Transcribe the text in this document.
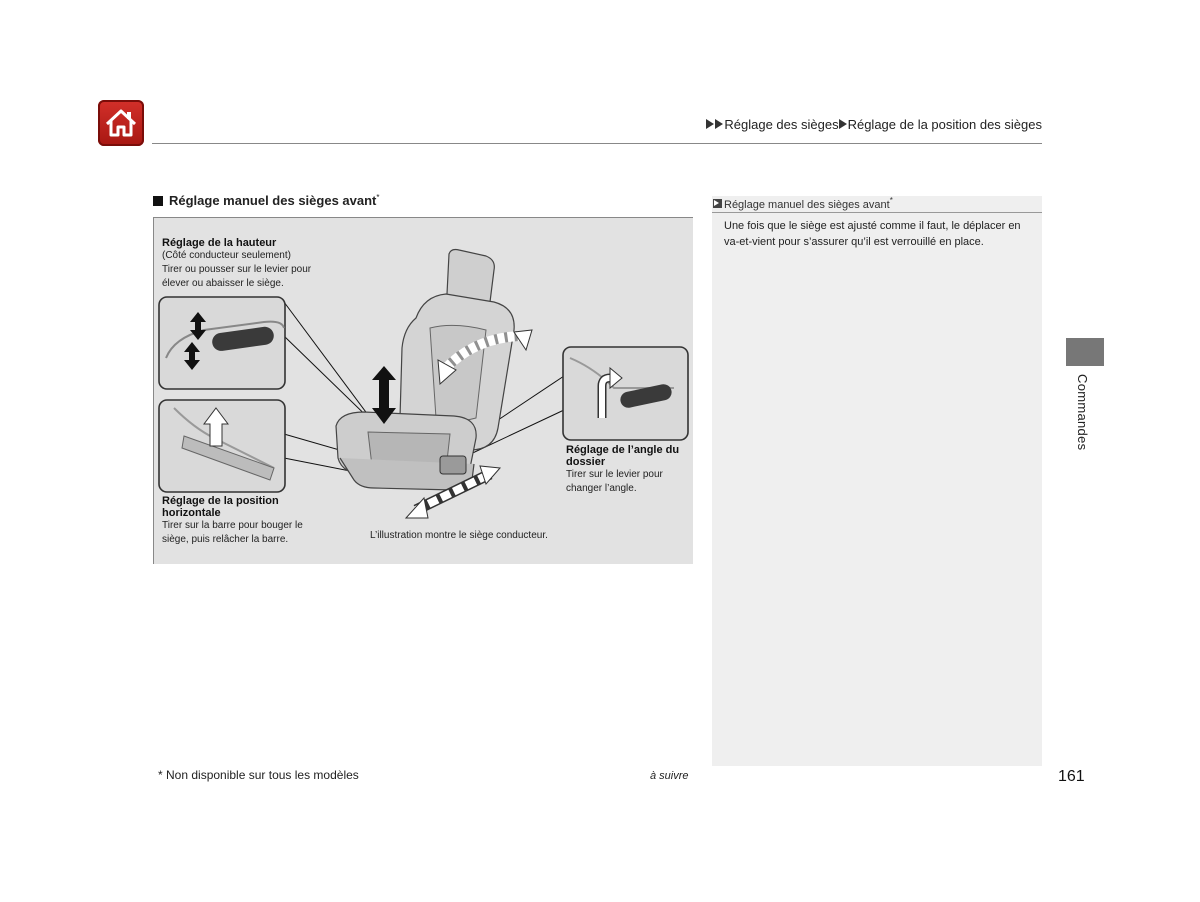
Réglage des sièges Réglage de la position des sièges
Réglage manuel des sièges avant*
Réglage de la hauteur
(Côté conducteur seulement)
Tirer ou pousser sur le levier pour
élever ou abaisser le siège.
Réglage de l’angle du
dossier
Tirer sur le levier pour
changer l’angle.
Réglage de la position
horizontale
Tirer sur la barre pour bouger le
siège, puis relâcher la barre.	L’illustration montre le siège conducteur.
Réglage manuel des sièges avant*
Une fois que le siège est ajusté comme il faut, le déplacer en va-et-vient pour s’assurer qu’il est verrouillé en place.
Commandes
* Non disponible sur tous les modèles	à suivre	161
